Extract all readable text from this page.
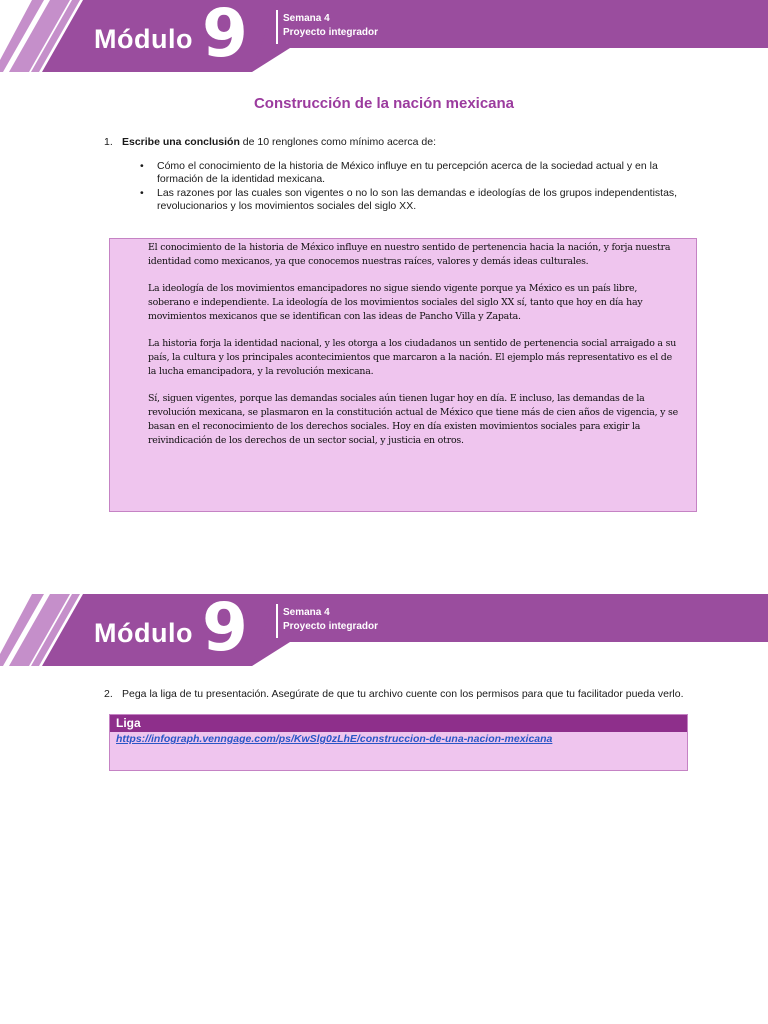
Módulo 9	Semana 4
Proyecto integrador
Construcción de la nación mexicana
1. Escribe una conclusión de 10 renglones como mínimo acerca de:
• Cómo el conocimiento de la historia de México influye en tu percepción acerca de la sociedad actual y en la formación de la identidad mexicana.
• Las razones por las cuales son vigentes o no lo son las demandas e ideologías de los grupos independentistas, revolucionarios y los movimientos sociales del siglo XX.

El conocimiento de la historia de México influye en nuestro sentido de pertenencia hacia la nación, y forja nuestra identidad como mexicanos, ya que conocemos nuestras raíces, valores y demás ideas culturales.

La ideología de los movimientos emancipadores no sigue siendo vigente porque ya México es un país libre, soberano e independiente. La ideología de los movimientos sociales del siglo XX sí, tanto que hoy en día hay movimientos mexicanos que se identifican con las ideas de Pancho Villa y Zapata.

La historia forja la identidad nacional, y les otorga a los ciudadanos un sentido de pertenencia social arraigado a su país, la cultura y los principales acontecimientos que marcaron a la nación. El ejemplo más representativo es el de la lucha emancipadora, y la revolución mexicana.

Sí, siguen vigentes, porque las demandas sociales aún tienen lugar hoy en día. E incluso, las demandas de la revolución mexicana, se plasmaron en la constitución actual de México que tiene más de cien años de vigencia, y se basan en el reconocimiento de los derechos sociales. Hoy en día existen movimientos sociales para exigir la reivindicación de los derechos de un sector social, y justicia en otros.

Módulo 9	Semana 4
Proyecto integrador
2. Pega la liga de tu presentación. Asegúrate de que tu archivo cuente con los permisos para que tu facilitador pueda verlo.
Liga
https://infograph.venngage.com/ps/KwSlg0zLhE/construccion-de-una-nacion-mexicana
